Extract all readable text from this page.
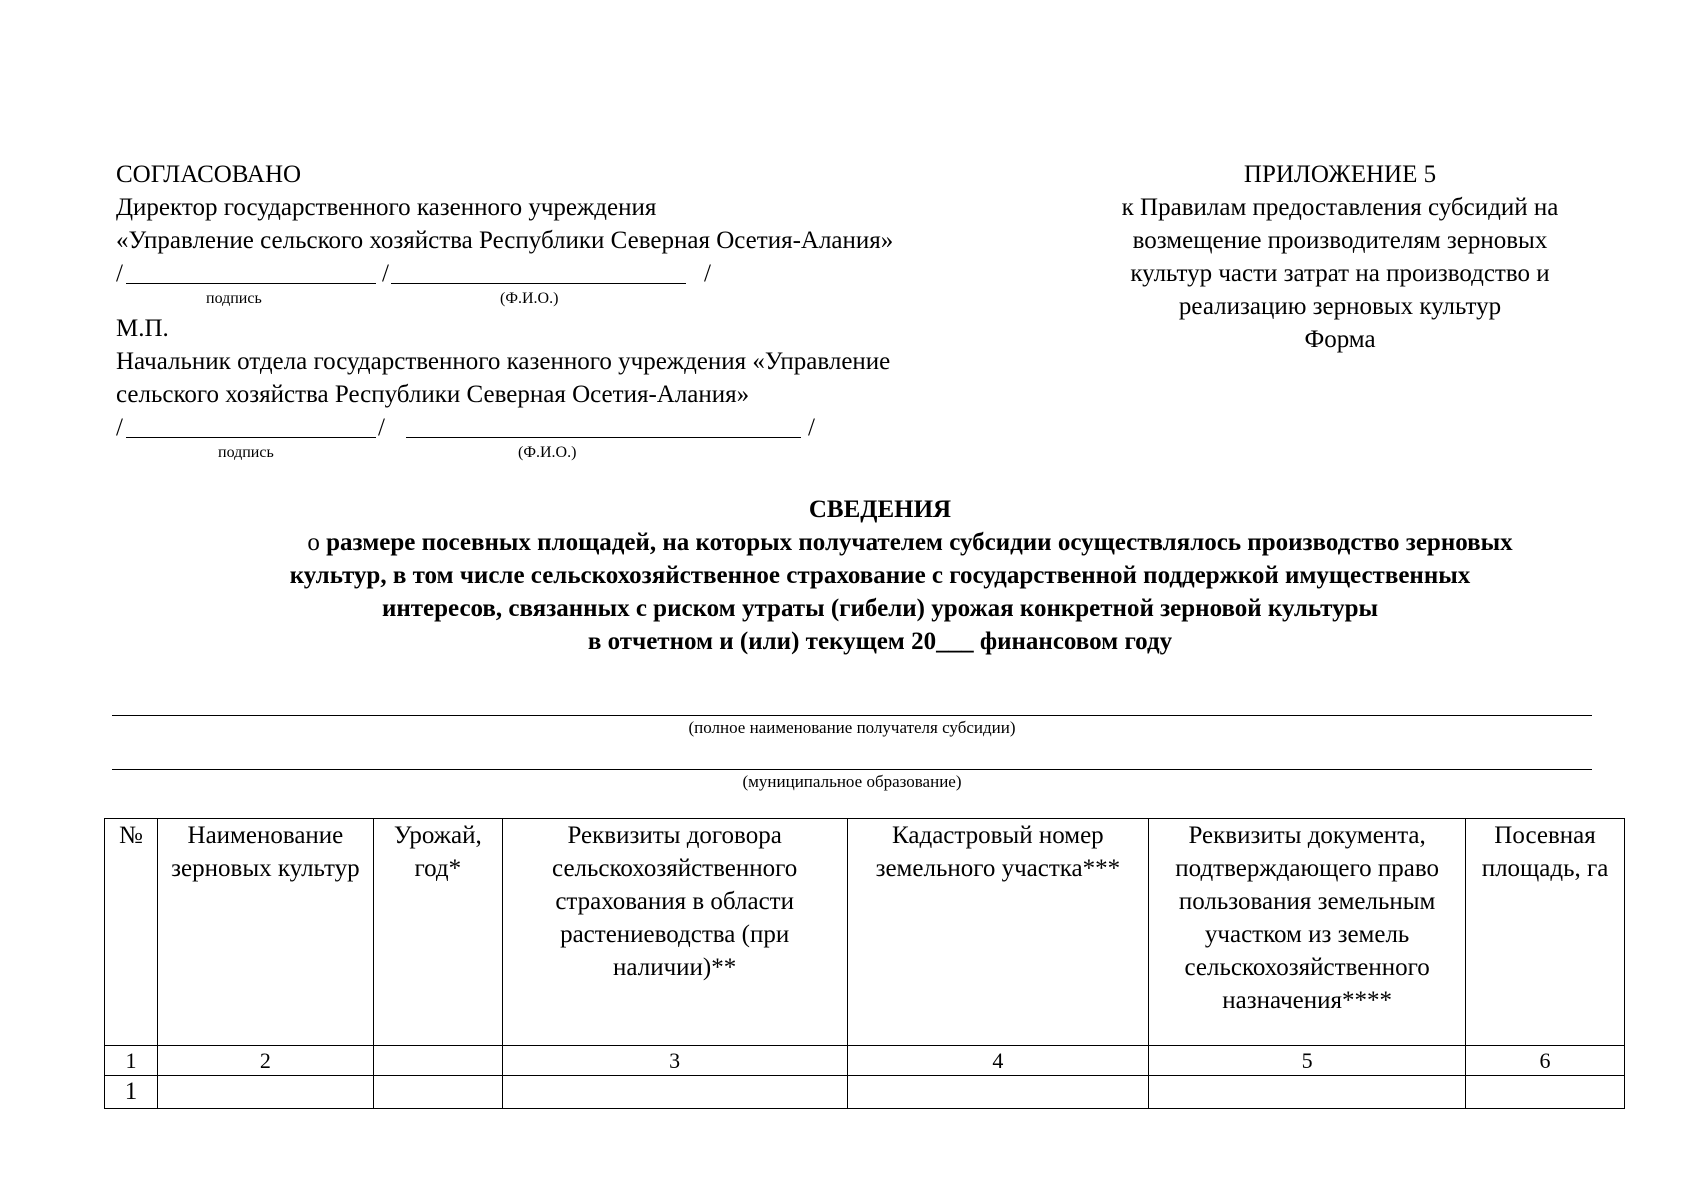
СОГЛАСОВАНО
Директор государственного казенного учреждения
«Управление сельского хозяйства Республики Северная Осетия-Алания»
/	/	/
подпись	(Ф.И.О.)
М.П.
Начальник отдела государственного казенного учреждения «Управление
сельского хозяйства Республики Северная Осетия-Алания»
/	/	/
подпись	(Ф.И.О.)
ПРИЛОЖЕНИЕ 5
к Правилам предоставления субсидий на
возмещение производителям зерновых
культур части затрат на производство и
реализацию зерновых культур
Форма
СВЕДЕНИЯ
о размере посевных площадей, на которых получателем субсидии осуществлялось производство зерновых
культур, в том числе сельскохозяйственное страхование с государственной поддержкой имущественных
интересов, связанных с риском утраты (гибели) урожая конкретной зерновой культуры
в отчетном и (или) текущем 20___ финансовом году
(полное наименование получателя субсидии)
(муниципальное образование)
№	Наименование зерновых культур	Урожай, год*	Реквизиты договора сельскохозяйственного страхования в области растениеводства (при наличии)**	Кадастровый номер земельного участка***	Реквизиты документа, подтверждающего право пользования земельным участком из земель сельскохозяйственного назначения****	Посевная площадь, га
1	2		3	4	5	6
1						
